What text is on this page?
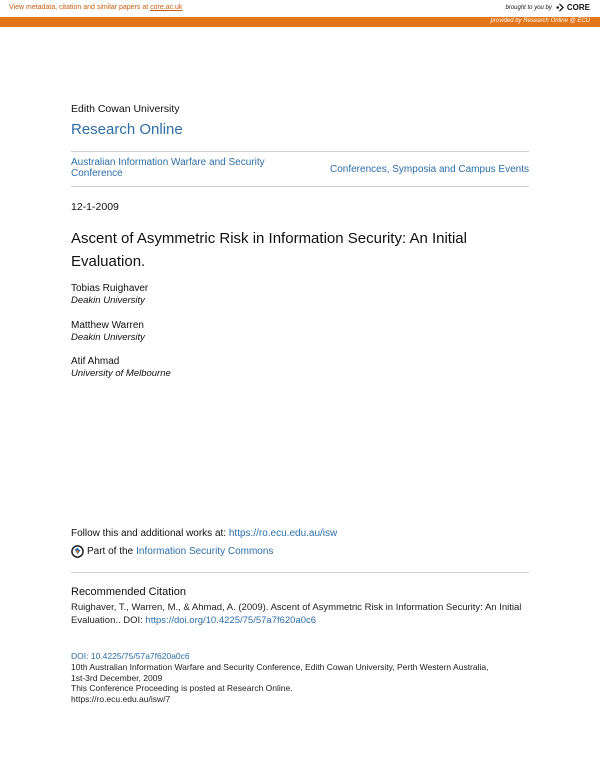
View metadata, citation and similar papers at core.ac.uk	brought to you by CORE
provided by Research Online @ ECU
Edith Cowan University
Research Online
Australian Information Warfare and Security Conference	Conferences, Symposia and Campus Events
12-1-2009
Ascent of Asymmetric Risk in Information Security: An Initial Evaluation.
Tobias Ruighaver
Deakin University
Matthew Warren
Deakin University
Atif Ahmad
University of Melbourne
Follow this and additional works at: https://ro.ecu.edu.au/isw
Part of the Information Security Commons
Recommended Citation
Ruighaver, T., Warren, M., & Ahmad, A. (2009). Ascent of Asymmetric Risk in Information Security: An Initial Evaluation.. DOI: https://doi.org/10.4225/75/57a7f620a0c6
DOI: 10.4225/75/57a7f620a0c6
10th Australian Information Warfare and Security Conference, Edith Cowan University, Perth Western Australia,
1st-3rd December, 2009
This Conference Proceeding is posted at Research Online.
https://ro.ecu.edu.au/isw/7
